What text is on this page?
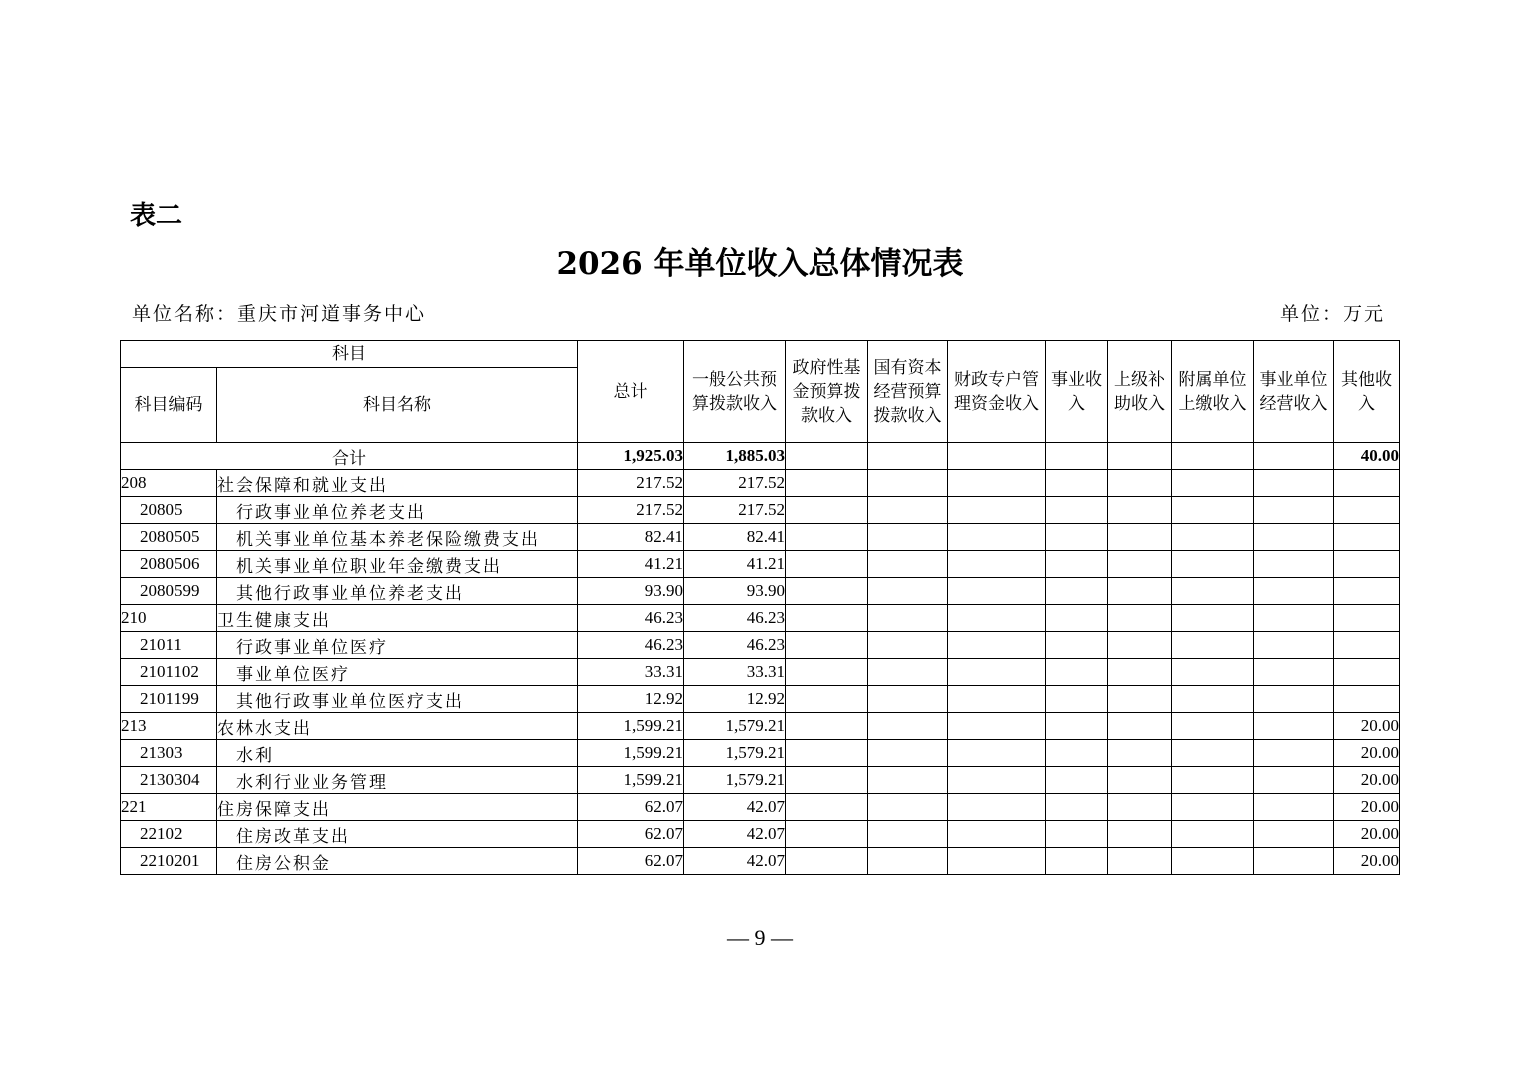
表二
2026 年单位收入总体情况表
单位名称：重庆市河道事务中心	单位：万元
科目		总计	一般公共预算拨款收入	政府性基金预算拨款收入	国有资本经营预算拨款收入	财政专户管理资金收入	事业收入	上级补助收入	附属单位上缴收入	事业单位经营收入	其他收入
科目编码	科目名称										
合计		1,925.03	1,885.03								40.00
208	社会保障和就业支出	217.52	217.52								
20805	行政事业单位养老支出	217.52	217.52								
2080505	机关事业单位基本养老保险缴费支出	82.41	82.41								
2080506	机关事业单位职业年金缴费支出	41.21	41.21								
2080599	其他行政事业单位养老支出	93.90	93.90								
210	卫生健康支出	46.23	46.23								
21011	行政事业单位医疗	46.23	46.23								
2101102	事业单位医疗	33.31	33.31								
2101199	其他行政事业单位医疗支出	12.92	12.92								
213	农林水支出	1,599.21	1,579.21								20.00
21303	水利	1,599.21	1,579.21								20.00
2130304	水利行业业务管理	1,599.21	1,579.21								20.00
221	住房保障支出	62.07	42.07								20.00
22102	住房改革支出	62.07	42.07								20.00
2210201	住房公积金	62.07	42.07								20.00
— 9 —
